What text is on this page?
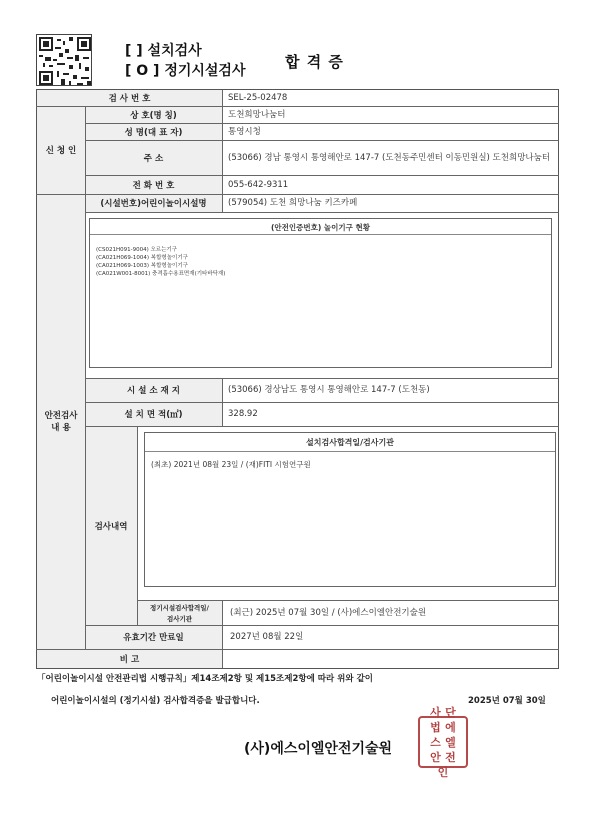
[ ] 설치검사
[ O ] 정기시설검사	합 격 증
검 사 번 호	SEL-25-02478
신 청 인
상 호(명 칭)	도천희망나눔터
성 명(대 표 자)	통영시청
주 소	(53066) 경남 통영시 통영해안로 147-7 (도천동주민센터 이동민원실) 도천희망나눔터
전 화 번 호	055-642-9311
안전검사
내 용
(시설번호)어린이놀이시설명	(579054) 도천 희망나눔 키즈카페
(안전인증번호) 놀이기구 현황
(CS021H091-9004) 오르는기구
(CA021H069-1004) 복합형놀이기구
(CA021H069-1003) 복합형놀이기구
(CA021W001-8001) 충격흡수용표면재(기타바닥재)
시 설 소 재 지	(53066) 경상남도 통영시 통영해안로 147-7 (도천동)
설 치 면 적(㎡)	328.92
검사내역
설치검사합격일/검사기관
(최초) 2021년 08월 23일 / (재)FITI 시험연구원
정기시설검사합격일/
검사기관
(최근) 2025년 07월 30일 / (사)에스이엘안전기술원
유효기간 만료일	2027년 08월 22일
비 고
「어린이놀이시설 안전관리법 시행규칙」제14조제2항 및 제15조제2항에 따라 위와 같이
어린이놀이시설의 (정기시설) 검사합격증을 발급합니다.	2025년 07월 30일
(사)에스이엘안전기술원
사 단
법 에
스 엘
안 전
인
